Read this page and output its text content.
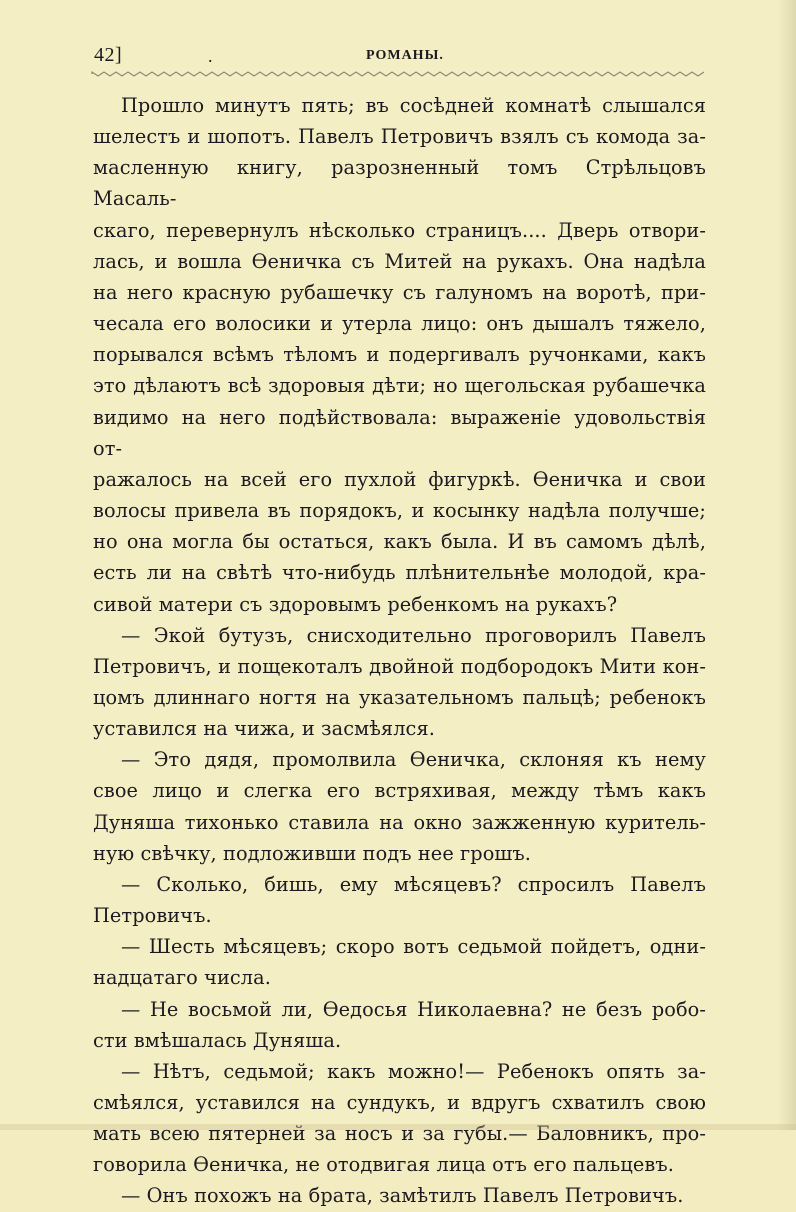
42]	.	РОМАНЫ.

Прошло минутъ пять; въ сосѣдней комнатѣ слышался

шелестъ и шопотъ. Павелъ Петровичъ взялъ съ комода за-

масленную книгу, разрозненный томъ Стрѣльцовъ Масаль-

скаго, перевернулъ нѣсколько страницъ.... Дверь отвори-

лась, и вошла Ѳеничка съ Митей на рукахъ. Она надѣла

на него красную рубашечку съ галуномъ на воротѣ, при-

чесала его волосики и утерла лицо: онъ дышалъ тяжело,

порывался всѣмъ тѣломъ и подергивалъ ручонками, какъ

это дѣлаютъ всѣ здоровыя дѣти; но щегольская рубашечка

видимо на него подѣйствовала: выраженіе удовольствія от-

ражалось на всей его пухлой фигуркѣ. Ѳеничка и свои

волосы привела въ порядокъ, и косынку надѣла получше;

но она могла бы остаться, какъ была. И въ самомъ дѣлѣ,

есть ли на свѣтѣ что-нибудь плѣнительнѣе молодой, кра-

сивой матери съ здоровымъ ребенкомъ на рукахъ?

— Экой бутузъ, снисходительно проговорилъ Павелъ

Петровичъ, и пощекоталъ двойной подбородокъ Мити кон-

цомъ длиннаго ногтя на указательномъ пальцѣ; ребенокъ

уставился на чижа, и засмѣялся.

— Это дядя, промолвила Ѳеничка, склоняя къ нему

свое лицо и слегка его встряхивая, между тѣмъ какъ

Дуняша тихонько ставила на окно зажженную куритель-

ную свѣчку, подложивши подъ нее грошъ.

— Сколько, бишь, ему мѣсяцевъ? спросилъ Павелъ

Петровичъ.

— Шесть мѣсяцевъ; скоро вотъ седьмой пойдетъ, одни-

надцатаго числа.

— Не восьмой ли, Ѳедосья Николаевна? не безъ робо-

сти вмѣшалась Дуняша.

— Нѣтъ, седьмой; какъ можно!— Ребенокъ опять за-

смѣялся, уставился на сундукъ, и вдругъ схватилъ свою

мать всею пятерней за носъ и за губы.— Баловникъ, про-

говорила Ѳеничка, не отодвигая лица отъ его пальцевъ.

— Онъ похожъ на брата, замѣтилъ Павелъ Петровичъ.
